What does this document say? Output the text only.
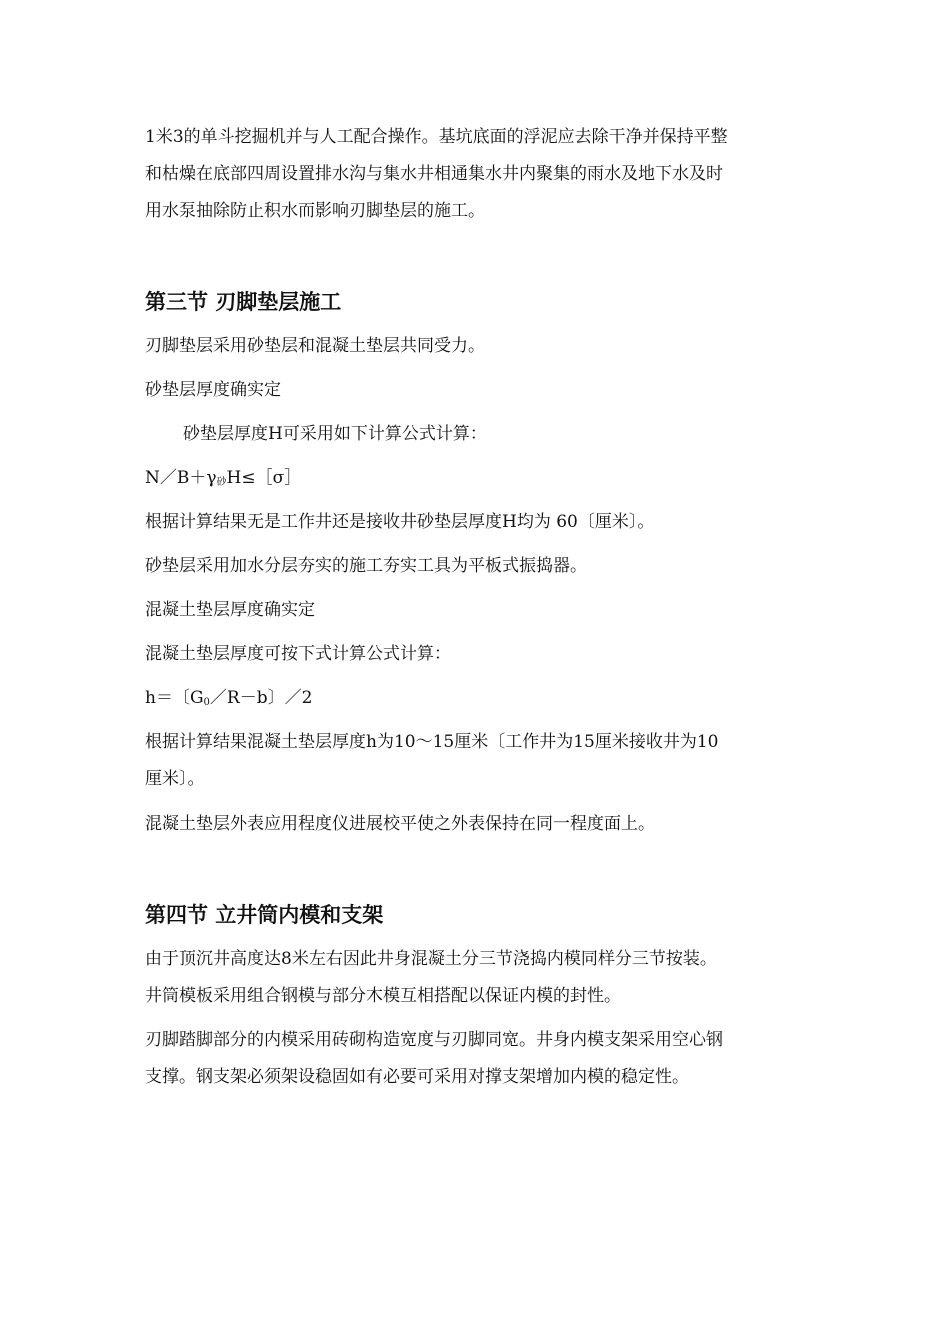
1米3的单斗挖掘机并与人工配合操作。基坑底面的浮泥应去除干净并保持平整

和枯燥在底部四周设置排水沟与集水井相通集水井内聚集的雨水及地下水及时

用水泵抽除防止积水而影响刃脚垫层的施工。

第三节 刃脚垫层施工

刃脚垫层采用砂垫层和混凝土垫层共同受力。

砂垫层厚度确实定

砂垫层厚度H可采用如下计算公式计算：

$N/B+\gamma_砂H\le[\sigma]$

根据计算结果无是工作井还是接收井砂垫层厚度H均为 60〔厘米〕。

砂垫层采用加水分层夯实的施工夯实工具为平板式振捣器。

混凝土垫层厚度确实定

混凝土垫层厚度可按下式计算公式计算：

h＝〔$G_0/R-b$〕／2

根据计算结果混凝土垫层厚度h为10～15厘米〔工作井为15厘米接收井为10

厘米〕。

混凝土垫层外表应用程度仪进展校平使之外表保持在同一程度面上。

第四节 立井筒内模和支架

由于顶沉井高度达8米左右因此井身混凝土分三节浇捣内模同样分三节按装。

井筒模板采用组合钢模与部分木模互相搭配以保证内模的封性。

刃脚踏脚部分的内模采用砖砌构造宽度与刃脚同宽。井身内模支架采用空心钢

支撑。钢支架必须架设稳固如有必要可采用对撑支架增加内模的稳定性。
